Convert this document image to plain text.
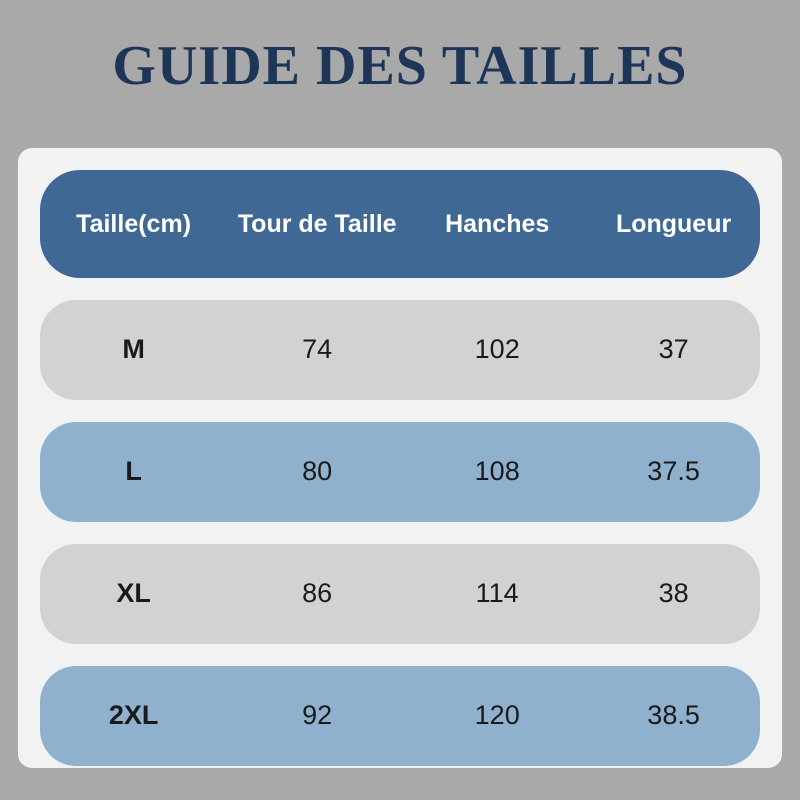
GUIDE DES TAILLES
Taille(cm)	Tour de Taille	Hanches	Longueur
M	74	102	37
L	80	108	37.5
XL	86	114	38
2XL	92	120	38.5
